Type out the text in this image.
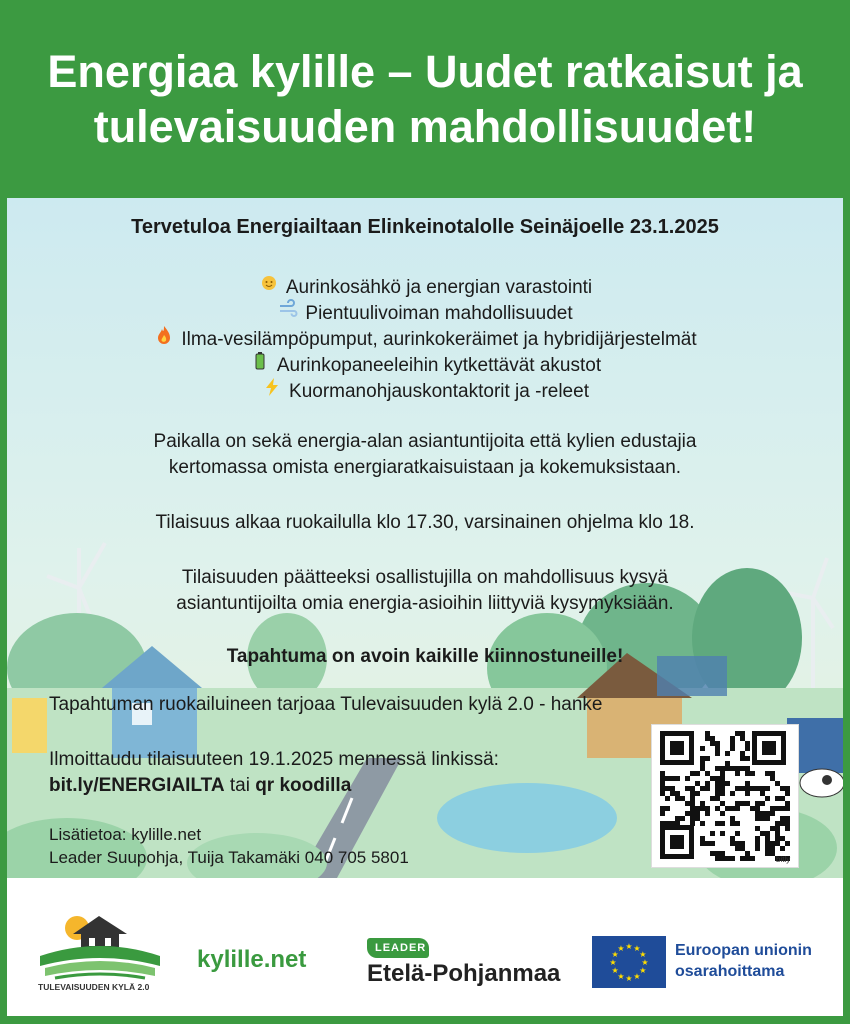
Energiaa kylille – Uudet ratkaisut ja
tulevaisuuden mahdollisuudet!
Tervetuloa Energiailtaan Elinkeinotalolle Seinäjoelle 23.1.2025
Aurinkosähkö ja energian varastointi
Pientuulivoiman mahdollisuudet
Ilma-vesilämpöpumput, aurinkokeräimet ja hybridijärjestelmät
Aurinkopaneeleihin kytkettävät akustot
Kuormanohjauskontaktorit ja -releet
Paikalla on sekä energia-alan asiantuntijoita että kylien edustajia
kertomassa omista energiaratkaisuistaan ja kokemuksistaan.
Tilaisuus alkaa ruokailulla klo 17.30, varsinainen ohjelma klo 18.
Tilaisuuden päätteeksi osallistujilla on mahdollisuus kysyä
asiantuntijoilta omia energia-asioihin liittyviä kysymyksiään.
Tapahtuma on avoin kaikille kiinnostuneille!
Tapahtuman ruokailuineen tarjoaa Tulevaisuuden kylä 2.0 - hanke
Ilmoittaudu tilaisuuteen 19.1.2025 mennessä linkissä:
bit.ly/ENERGIAILTA tai qr koodilla
Lisätietoa: kylille.net
Leader Suupohja, Tuija Takamäki 040 705 5801	bitly
TULEVAISUUDEN KYLÄ 2.0
kylille.net	LEADER
Etelä-Pohjanmaa	★
★
★
★
★
★
★
★
★ ★ ★
★ Euroopan unionin
osarahoittama
